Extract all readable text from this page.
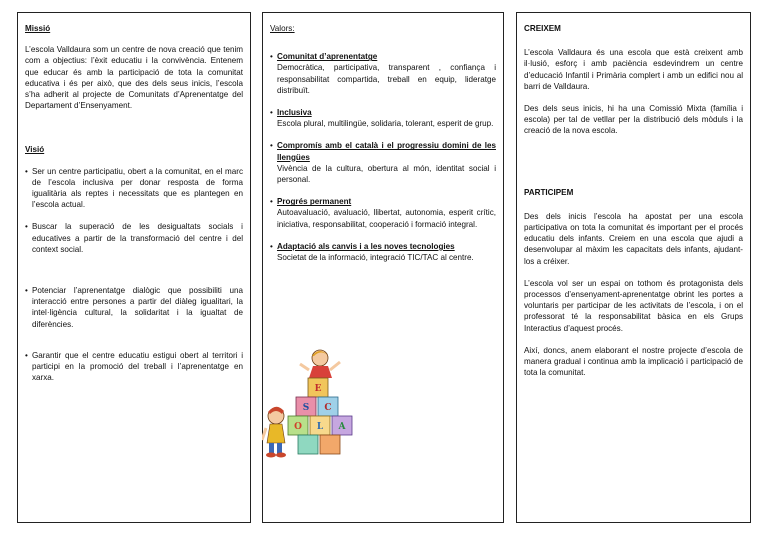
Missió

L’escola Valldaura som un centre de nova creació que tenim com a objectius: l’èxit educatiu i la convivència. Entenem que educar és amb la participació de tota la comunitat educativa i és per això, que des dels seus inicis, l’escola s’ha adherit al projecte de Comunitats d’Aprenentatge del Departament d’Ensenyament.

Visió
• Ser un centre participatiu, obert a la comunitat, en el marc de l’escola inclusiva per donar resposta de forma igualitària als reptes i necessitats que es plantegen en l’escola actual.
• Buscar la superació de les desigualtats socials i educatives a partir de la transformació del centre i del context social.
• Potenciar l’aprenentatge dialògic que possibiliti una interacció entre persones a partir del diàleg igualitari, la intel·ligència cultural, la solidaritat i la igualtat de diferències.
• Garantir que el centre educatiu estigui obert al territori i participi en la promoció del treball i l’aprenentatge en xarxa.
Valors:
• Comunitat d’aprenentatge
Democràtica, participativa, transparent , confiança i responsabilitat compartida, treball en equip, lideratge distribuït.
• Inclusiva
Escola plural, multilingüe, solidaria, tolerant, esperit de grup.
• Compromís amb el català i el progressiu domini de les llengües
Vivència de la cultura, obertura al món, identitat social i personal.
• Progrés permanent
Autoavaluació, avaluació, llibertat, autonomia, esperit crític, iniciativa, responsabilitat, cooperació i formació integral.
• Adaptació als canvis i a les noves tecnologies
Societat de la informació, integració TIC/TAC al centre.
E
S C
O L A
CREIXEM

L’escola Valldaura és una escola que està creixent amb il·lusió, esforç i amb paciència esdevindrem un centre d’educació Infantil i Primària complert i amb un edifici nou al barri de Valldaura.

Des dels seus inicis, hi ha una Comissió Mixta (família i escola) per tal de vetllar per la distribució dels mòduls i la creació de la nova escola.

PARTICIPEM

Des dels inicis l’escola ha apostat per una escola participativa on tota la comunitat és important per el procés educatiu dels infants. Creiem en una escola que ajudi a desenvolupar al màxim les capacitats dels infants, ajudant-los a créixer.

L’escola vol ser un espai on tothom és protagonista dels processos d’ensenyament-aprenentatge obrint les portes a voluntaris per participar de les activitats de l’escola, i on el professorat té la responsabilitat bàsica en els Grups Interactius d’aquest procés.

Així, doncs, anem elaborant el nostre projecte d’escola de manera gradual i continua amb la implicació i participació de tota la comunitat.
